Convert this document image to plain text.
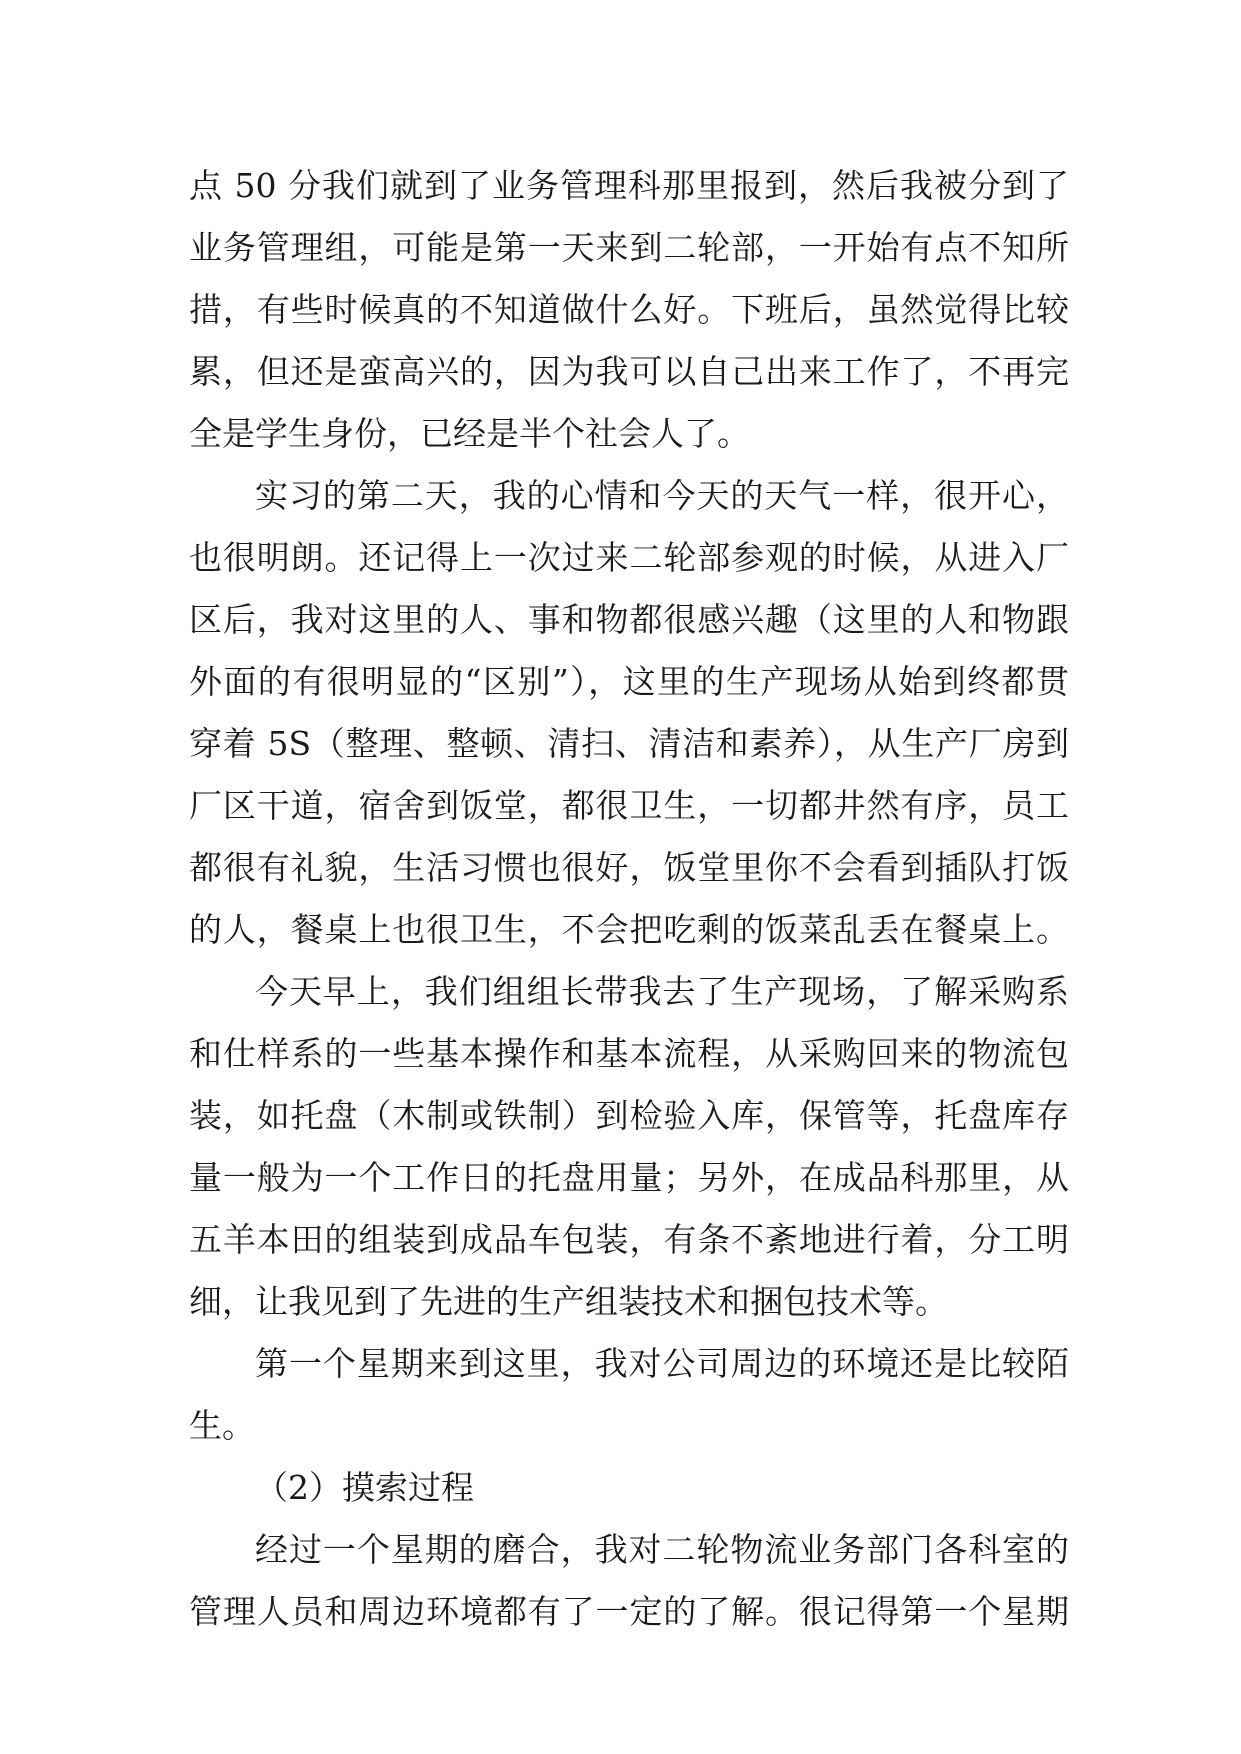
点 50 分我们就到了业务管理科那里报到，然后我被分到了
业务管理组，可能是第一天来到二轮部，一开始有点不知所
措，有些时候真的不知道做什么好。下班后，虽然觉得比较
累，但还是蛮高兴的，因为我可以自己出来工作了，不再完
全是学生身份，已经是半个社会人了。
实习的第二天，我的心情和今天的天气一样，很开心，
也很明朗。还记得上一次过来二轮部参观的时候，从进入厂
区后，我对这里的人、事和物都很感兴趣（这里的人和物跟
外面的有很明显的“区别”），这里的生产现场从始到终都贯
穿着 5S（整理、整顿、清扫、清洁和素养），从生产厂房到
厂区干道，宿舍到饭堂，都很卫生，一切都井然有序，员工
都很有礼貌，生活习惯也很好，饭堂里你不会看到插队打饭
的人，餐桌上也很卫生，不会把吃剩的饭菜乱丢在餐桌上。
今天早上，我们组组长带我去了生产现场，了解采购系
和仕样系的一些基本操作和基本流程，从采购回来的物流包
装，如托盘（木制或铁制）到检验入库，保管等，托盘库存
量一般为一个工作日的托盘用量；另外，在成品科那里，从
五羊本田的组装到成品车包装，有条不紊地进行着，分工明
细，让我见到了先进的生产组装技术和捆包技术等。
第一个星期来到这里，我对公司周边的环境还是比较陌
生。
（2）摸索过程
经过一个星期的磨合，我对二轮物流业务部门各科室的
管理人员和周边环境都有了一定的了解。很记得第一个星期
